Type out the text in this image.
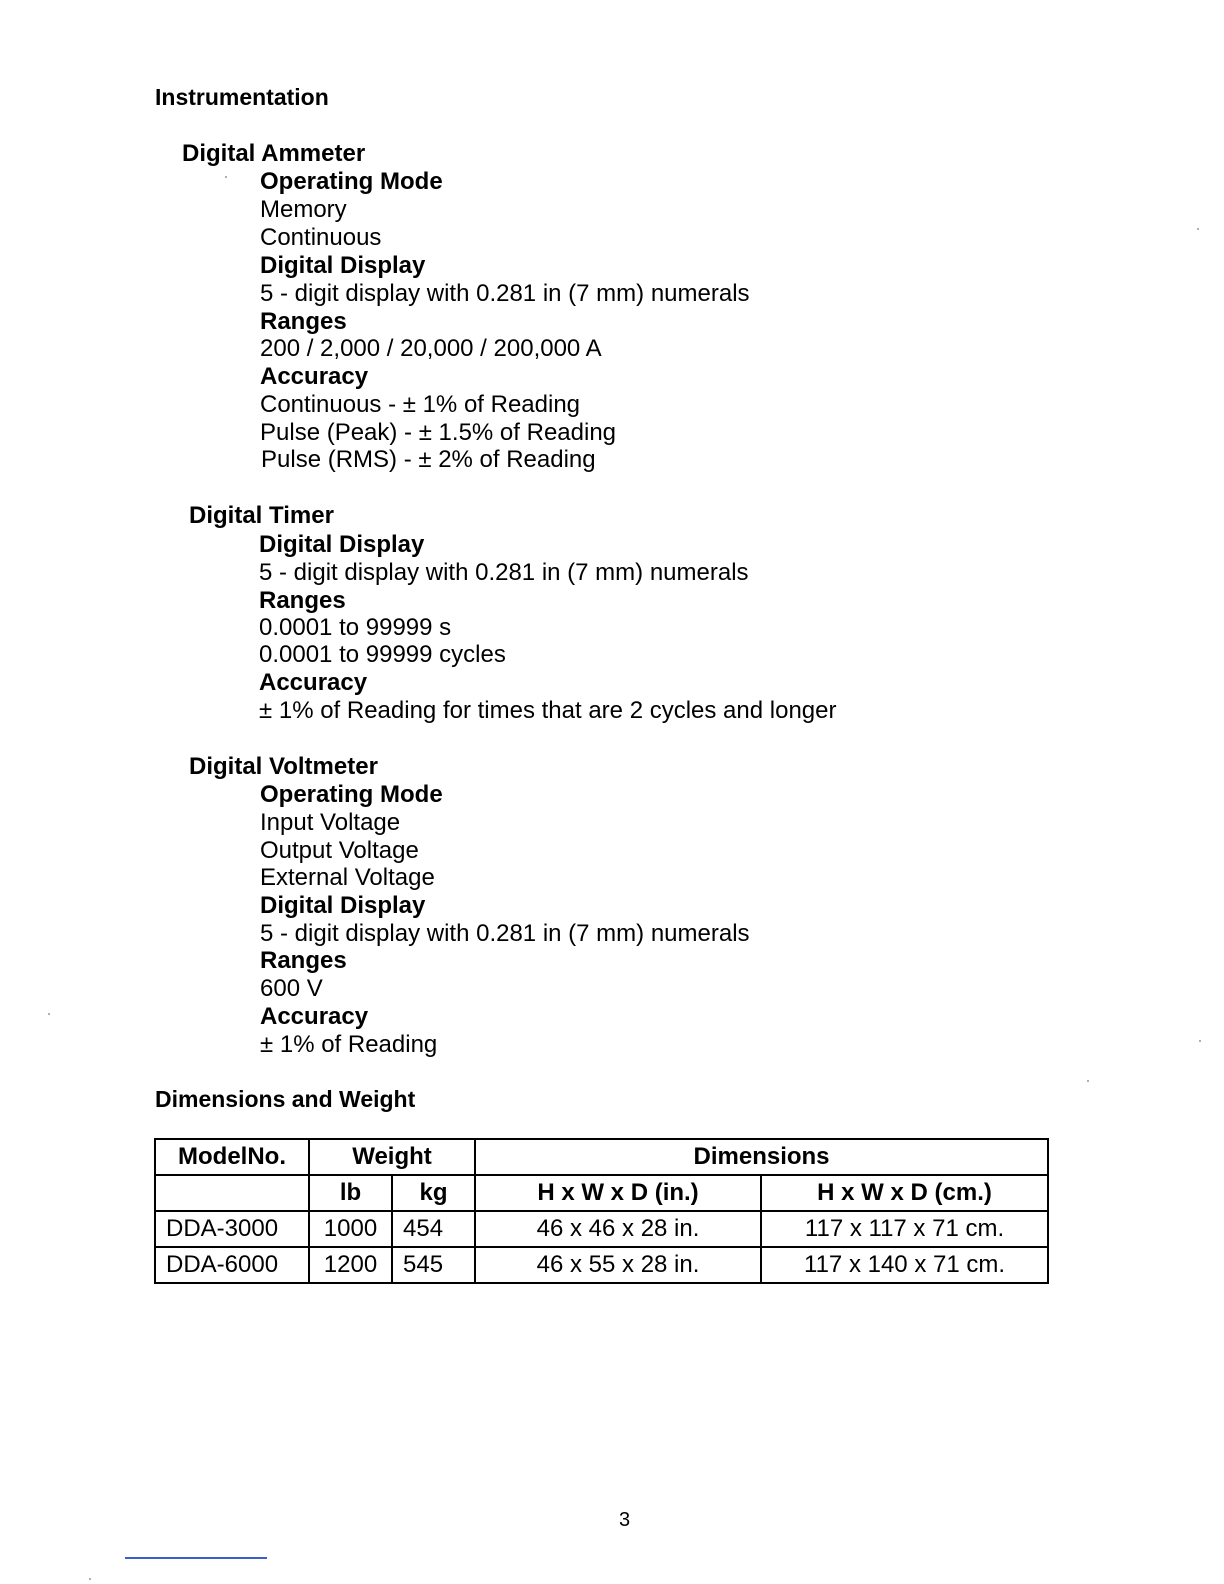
Instrumentation
Digital Ammeter
Operating Mode
Memory
Continuous
Digital Display
5 - digit display with 0.281 in (7 mm) numerals
Ranges
200 / 2,000 / 20,000 / 200,000 A
Accuracy
Continuous - ± 1% of Reading
Pulse (Peak) - ± 1.5% of Reading
Pulse (RMS) - ± 2% of Reading
Digital Timer
Digital Display
5 - digit display with 0.281 in (7 mm) numerals
Ranges
0.0001 to 99999 s
0.0001 to 99999 cycles
Accuracy
± 1% of Reading for times that are 2 cycles and longer
Digital Voltmeter
Operating Mode
Input Voltage
Output Voltage
External Voltage
Digital Display
5 - digit display with 0.281 in (7 mm) numerals
Ranges
600 V
Accuracy
± 1% of Reading
Dimensions and Weight
ModelNo.	Weight		Dimensions	
	lb	kg	H x W x D (in.)	H x W x D (cm.)
DDA-3000	1000	454	46 x 46 x 28 in.	117 x 117 x 71 cm.
DDA-6000	1200	545	46 x 55 x 28 in.	117 x 140 x 71 cm.
3
